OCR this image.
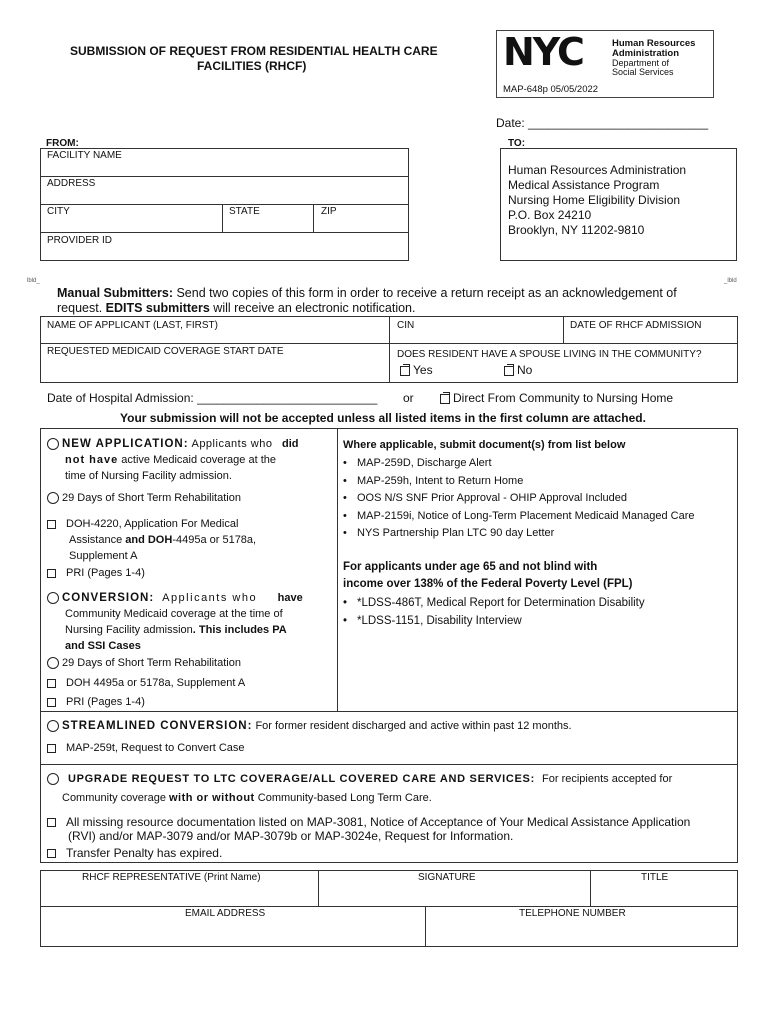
SUBMISSION OF REQUEST FROM RESIDENTIAL HEALTH CARE
FACILITIES (RHCF)	NYC	Human Resources
Administration
Department of
Social Services
MAP-648p 05/05/2022
Date: ___________________________
FROM:	TO:
FACILITY NAME
ADDRESS
CITY	STATE	ZIP
PROVIDER ID
Human Resources Administration
Medical Assistance Program
Nursing Home Eligibility Division
P.O. Box 24210
Brooklyn, NY 11202-9810
lbld_	_lbld
Manual Submitters: Send two copies of this form in order to receive a return receipt as an acknowledgement of
request. EDITS submitters will receive an electronic notification.
NAME OF APPLICANT (LAST, FIRST)	CIN	DATE OF RHCF ADMISSION
REQUESTED MEDICAID COVERAGE START DATE	DOES RESIDENT HAVE A SPOUSE LIVING IN THE COMMUNITY?
Yes	No
Date of Hospital Admission: ___________________________ or	Direct From Community to Nursing Home
Your submission will not be accepted unless all listed items in the first column are attached.
NEW APPLICATION: Applicants who did
not have active Medicaid coverage at the
time of Nursing Facility admission.
29 Days of Short Term Rehabilitation
DOH-4220, Application For Medical
Assistance and DOH-4495a or 5178a,
Supplement A
PRI (Pages 1-4)
CONVERSION: Applicants who have
Community Medicaid coverage at the time of
Nursing Facility admission. This includes PA
and SSI Cases
29 Days of Short Term Rehabilitation
DOH 4495a or 5178a, Supplement A
PRI (Pages 1-4)
Where applicable, submit document(s) from list below
• MAP-259D, Discharge Alert
• MAP-259h, Intent to Return Home
• OOS N/S SNF Prior Approval - OHIP Approval Included
• MAP-2159i, Notice of Long-Term Placement Medicaid Managed Care
• NYS Partnership Plan LTC 90 day Letter
For applicants under age 65 and not blind with
income over 138% of the Federal Poverty Level (FPL)
• *LDSS-486T, Medical Report for Determination Disability
• *LDSS-1151, Disability Interview
STREAMLINED CONVERSION: For former resident discharged and active within past 12 months.
MAP-259t, Request to Convert Case
UPGRADE REQUEST TO LTC COVERAGE/ALL COVERED CARE AND SERVICES: For recipients accepted for
Community coverage with or without Community-based Long Term Care.
All missing resource documentation listed on MAP-3081, Notice of Acceptance of Your Medical Assistance Application
(RVI) and/or MAP-3079 and/or MAP-3079b or MAP-3024e, Request for Information.
Transfer Penalty has expired.
RHCF REPRESENTATIVE (Print Name)	SIGNATURE	TITLE
EMAIL ADDRESS	TELEPHONE NUMBER
